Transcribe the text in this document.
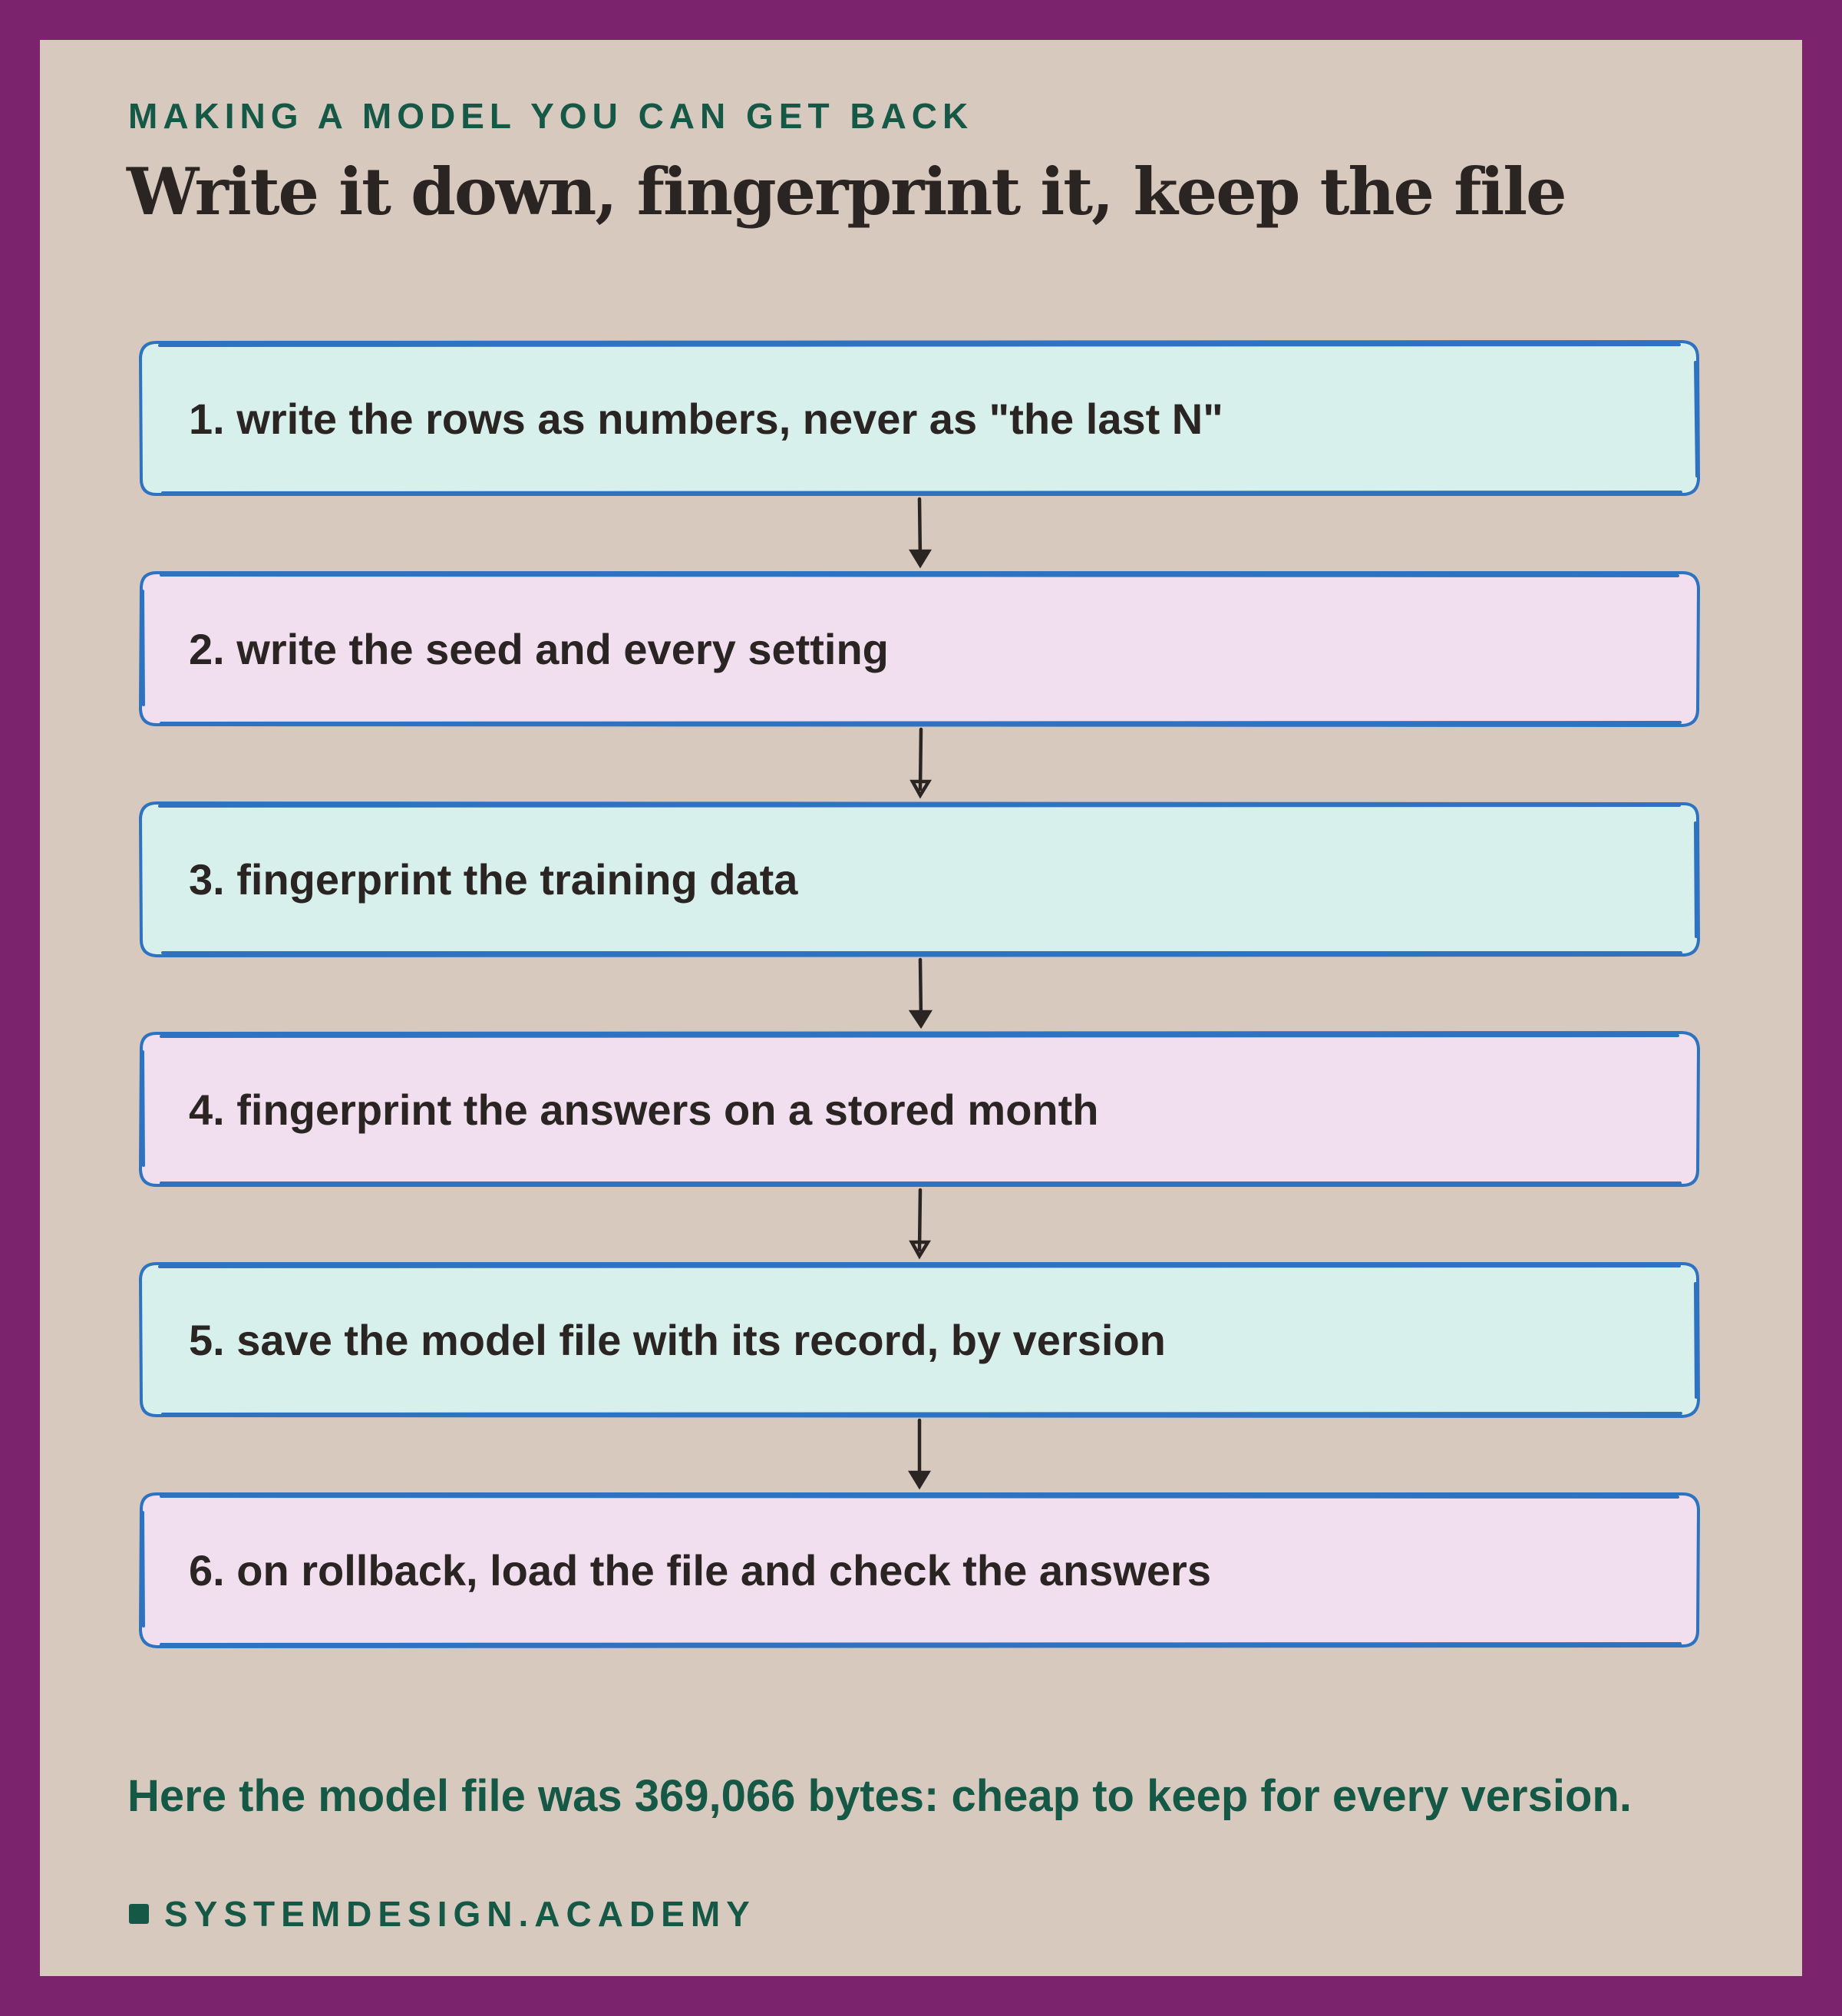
MAKING A MODEL YOU CAN GET BACK
Write it down, fingerprint it, keep the file
1. write the rows as numbers, never as "the last N"
2. write the seed and every setting
3. fingerprint the training data
4. fingerprint the answers on a stored month
5. save the model file with its record, by version
6. on rollback, load the file and check the answers
Here the model file was 369,066 bytes: cheap to keep for every version.
SYSTEMDESIGN.ACADEMY
